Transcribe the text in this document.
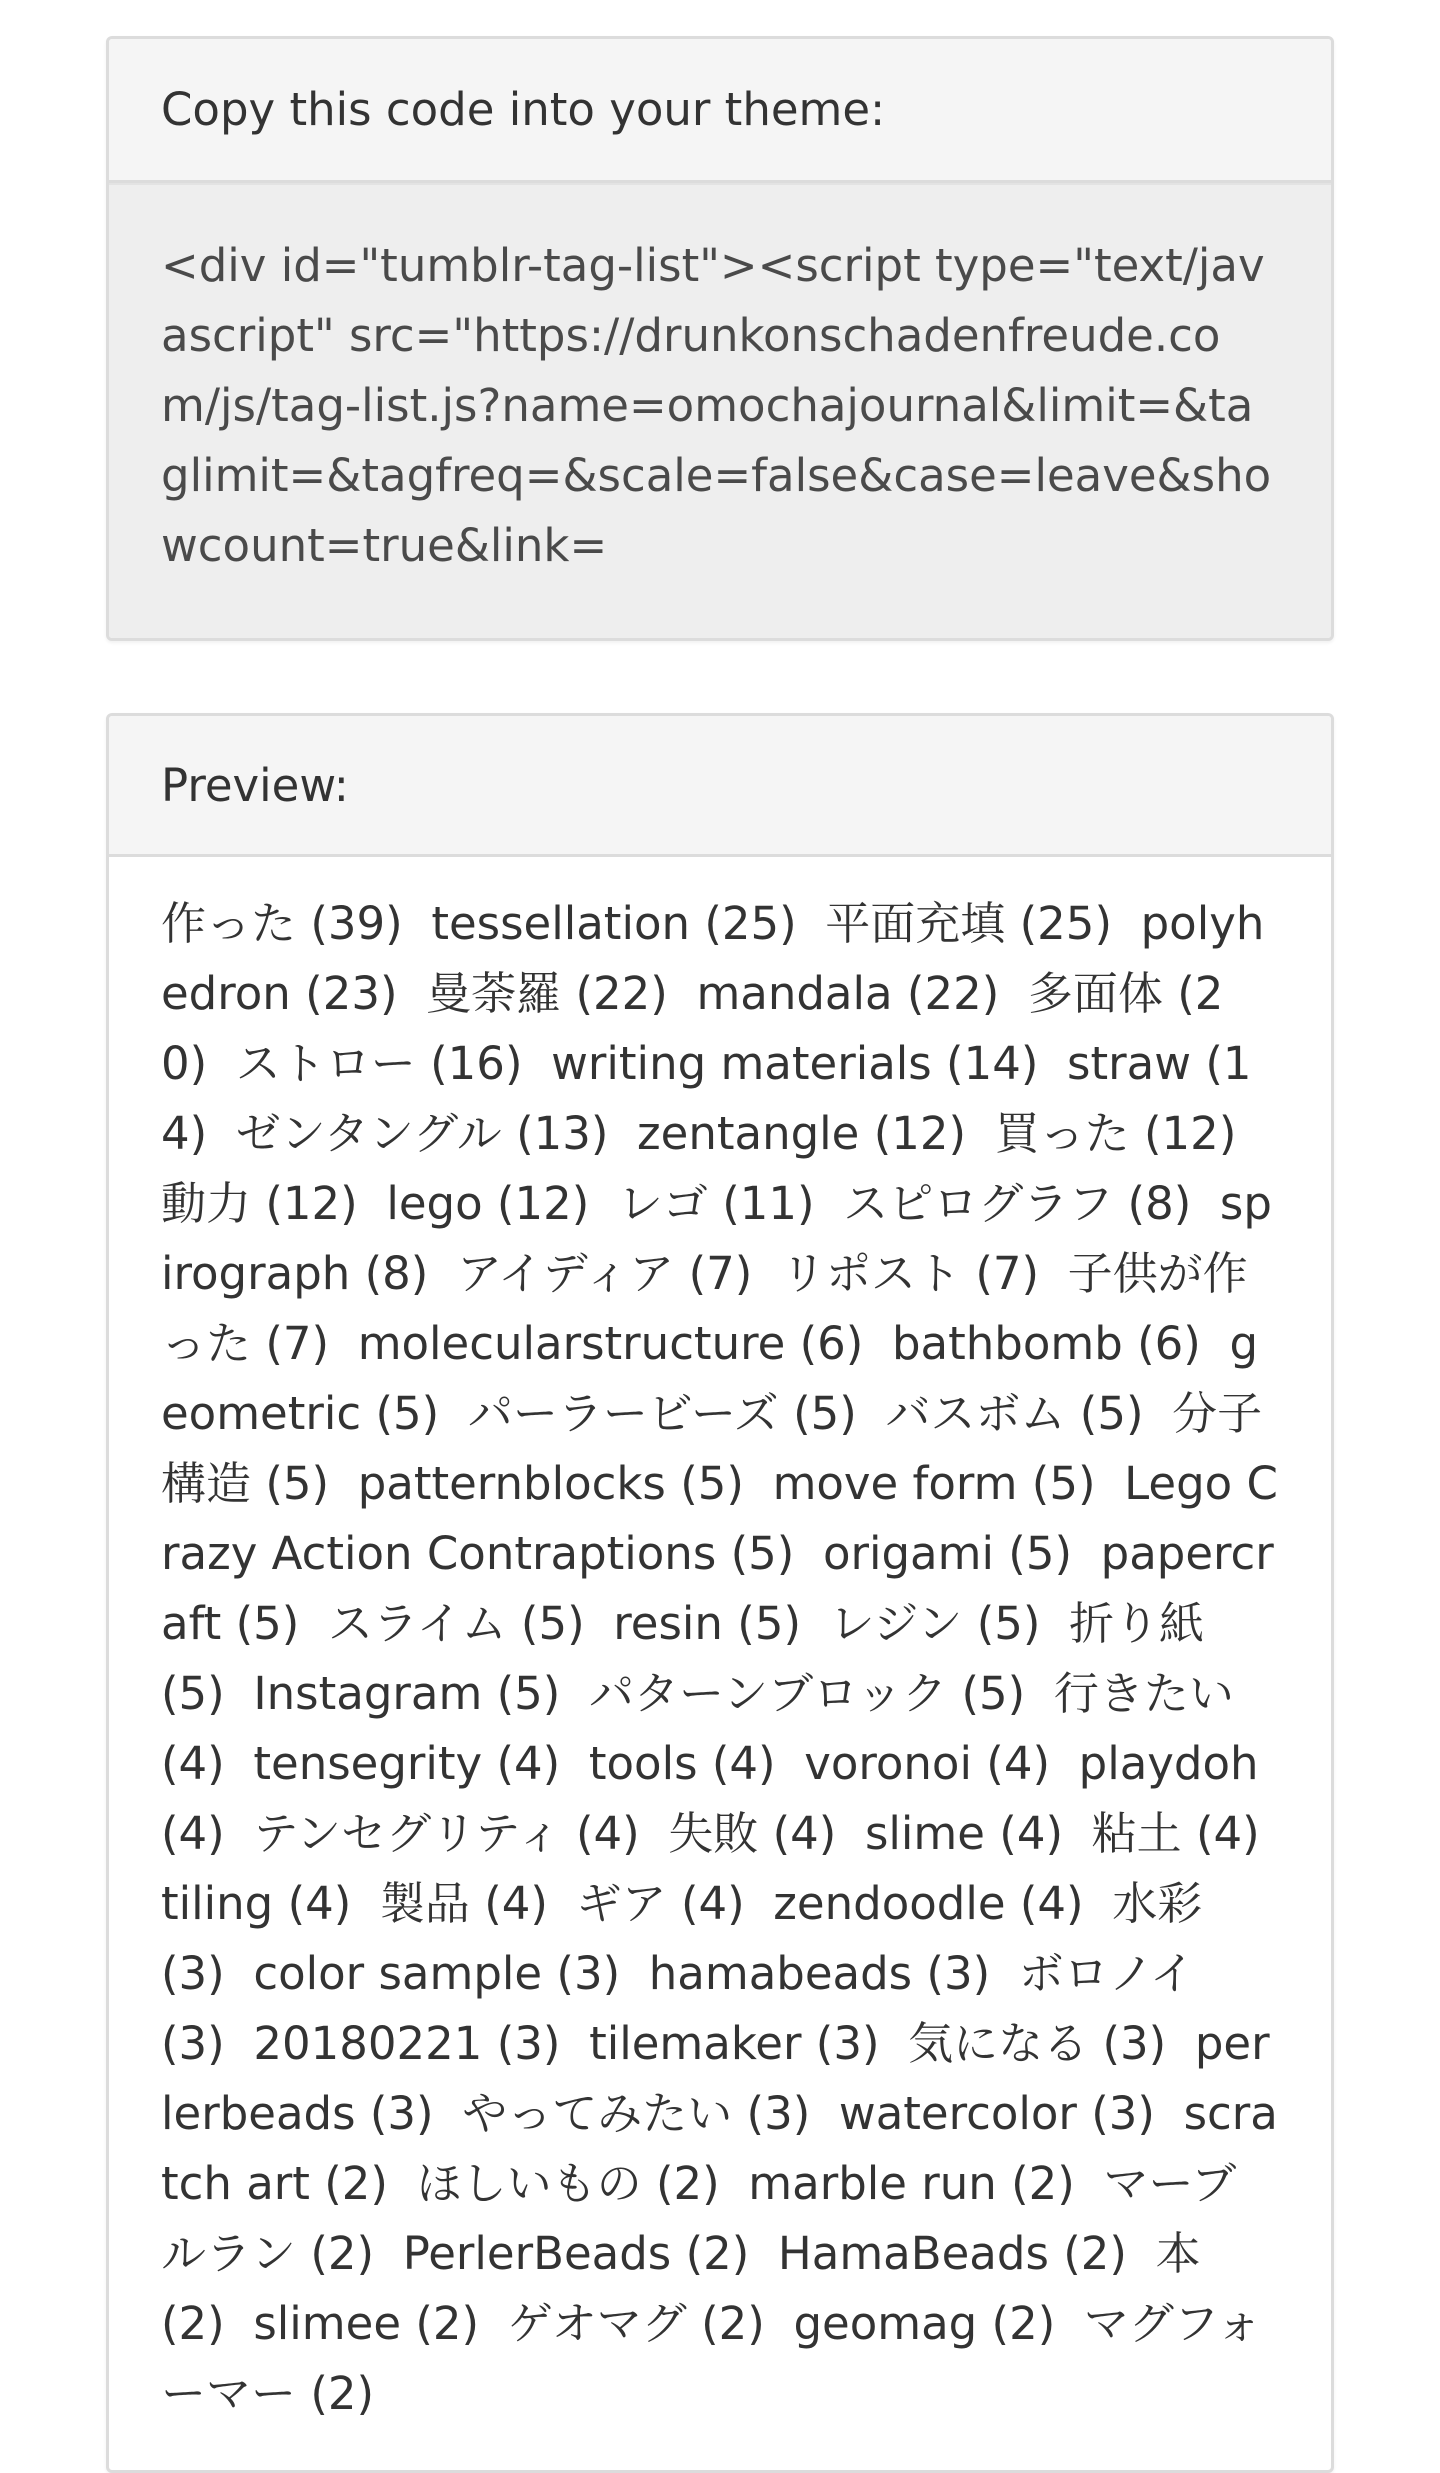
Copy this code into your theme:
<div id="tumblr-tag-list"><script type="text/javascript" src="https://drunkonschadenfreude.com/js/tag-list.js?name=omochajournal&limit=&taglimit=&tagfreq=&scale=false&case=leave&showcount=true&link=
Preview:
作った (39) tessellation (25) 平面充填 (25) polyhedron (23) 曼荼羅 (22) mandala (22) 多面体 (20) ストロー (16) writing materials (14) straw (14) ゼンタングル (13) zentangle (12) 買った (12)  動力 (12) lego (12) レゴ (11) スピログラフ (8) spirograph (8) アイディア (7) リポスト (7) 子供が作った (7) molecularstructure (6) bathbomb (6) geometric (5) パーラービーズ (5) バスボム (5) 分子構造 (5) patternblocks (5) move form (5) Lego Crazy Action Contraptions (5) origami (5) papercraft (5) スライム (5) resin (5) レジン (5) 折り紙 (5) Instagram (5) パターンブロック (5) 行きたい (4) tensegrity (4) tools (4) voronoi (4) playdoh (4) テンセグリティ (4) 失敗 (4) slime (4) 粘土 (4)  tiling (4) 製品 (4) ギア (4) zendoodle (4) 水彩 (3) color sample (3) hamabeads (3) ボロノイ (3) 20180221 (3) tilemaker (3) 気になる (3) perlerbeads (3) やってみたい (3) watercolor (3) scratch art (2) ほしいもの (2) marble run (2) マーブルラン (2) PerlerBeads (2) HamaBeads (2) 本 (2) slimee (2) ゲオマグ (2) geomag (2) マグフォーマー (2)
